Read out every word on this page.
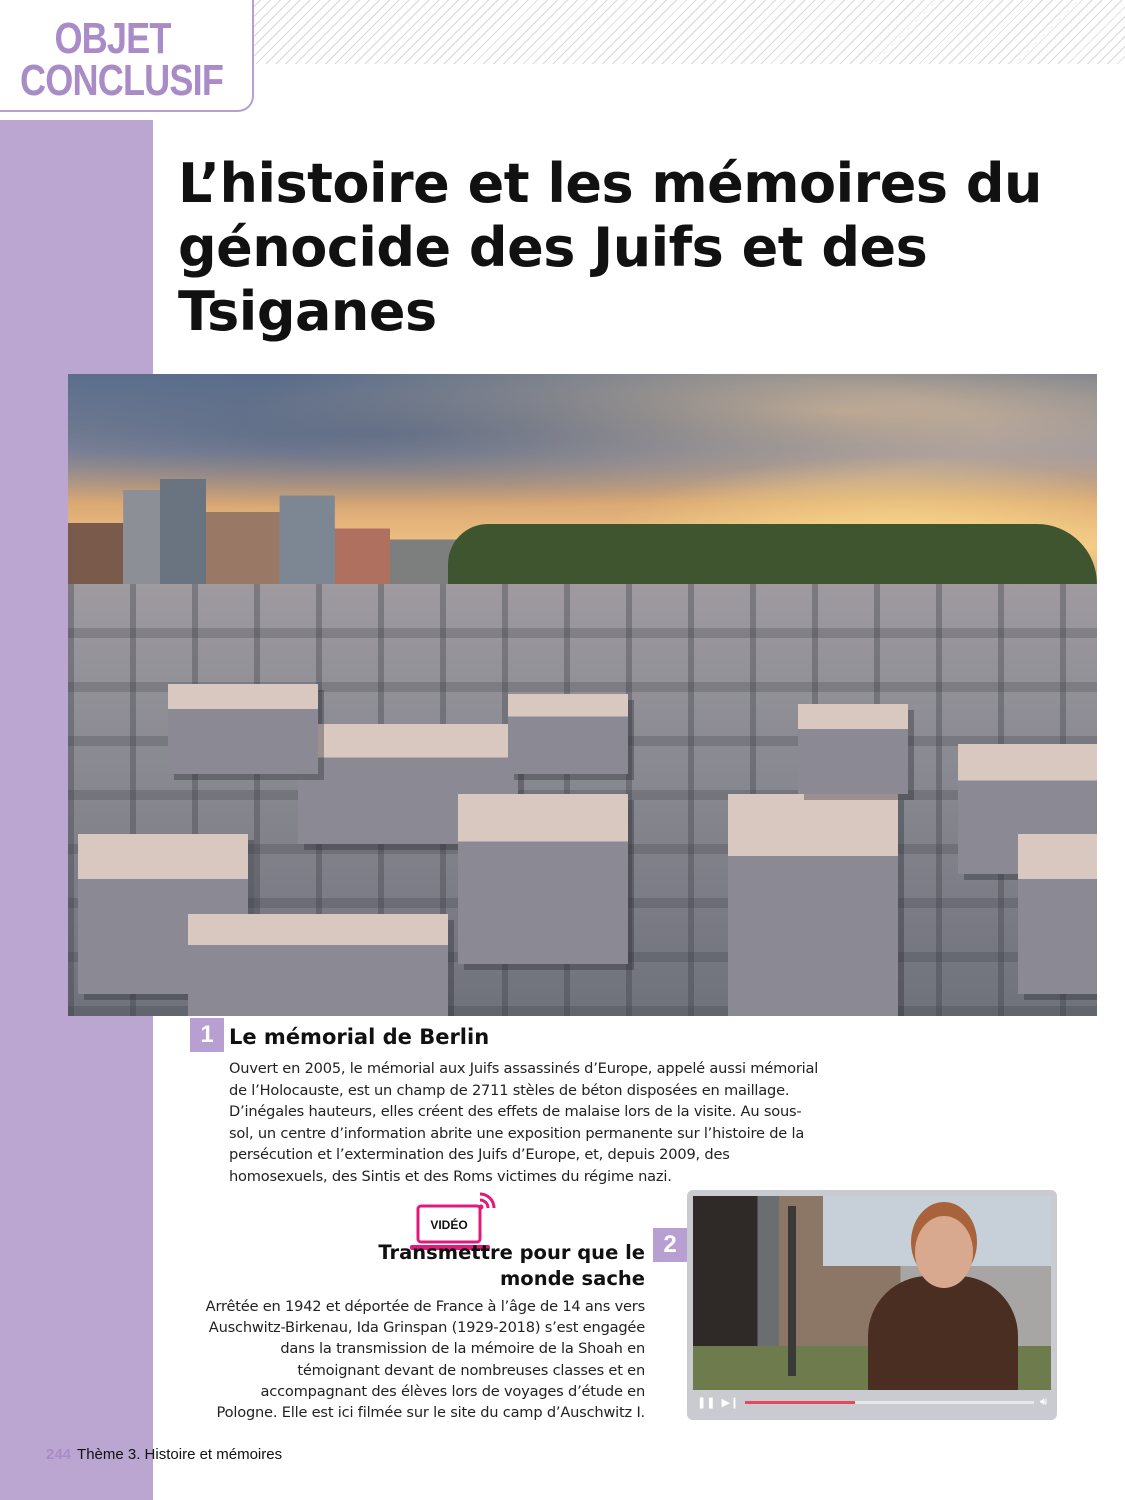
OBJET
CONCLUSIF
L’histoire et les mémoires du génocide des Juifs et des Tsiganes
1 Le mémorial de Berlin

Ouvert en 2005, le mémorial aux Juifs assassinés d’Europe, appelé aussi mémorial de l’Holocauste, est un champ de 2711 stèles de béton disposées en maillage. D’inégales hauteurs, elles créent des effets de malaise lors de la visite. Au sous-sol, un centre d’information abrite une exposition permanente sur l’histoire de la persécution et l’extermination des Juifs d’Europe, et, depuis 2009, des homosexuels, des Sintis et des Roms victimes du régime nazi.

VIDÉO

Transmettre pour que le monde sache

2

Arrêtée en 1942 et déportée de France à l’âge de 14 ans vers Auschwitz-Birkenau, Ida Grinspan (1929-2018) s’est engagée dans la transmission de la mémoire de la Shoah en témoignant devant de nombreuses classes et en accompagnant des élèves lors de voyages d’étude en Pologne. Elle est ici filmée sur le site du camp d’Auschwitz I.

❚❚ ▶❙	🔊︎
244 Thème 3. Histoire et mémoires
